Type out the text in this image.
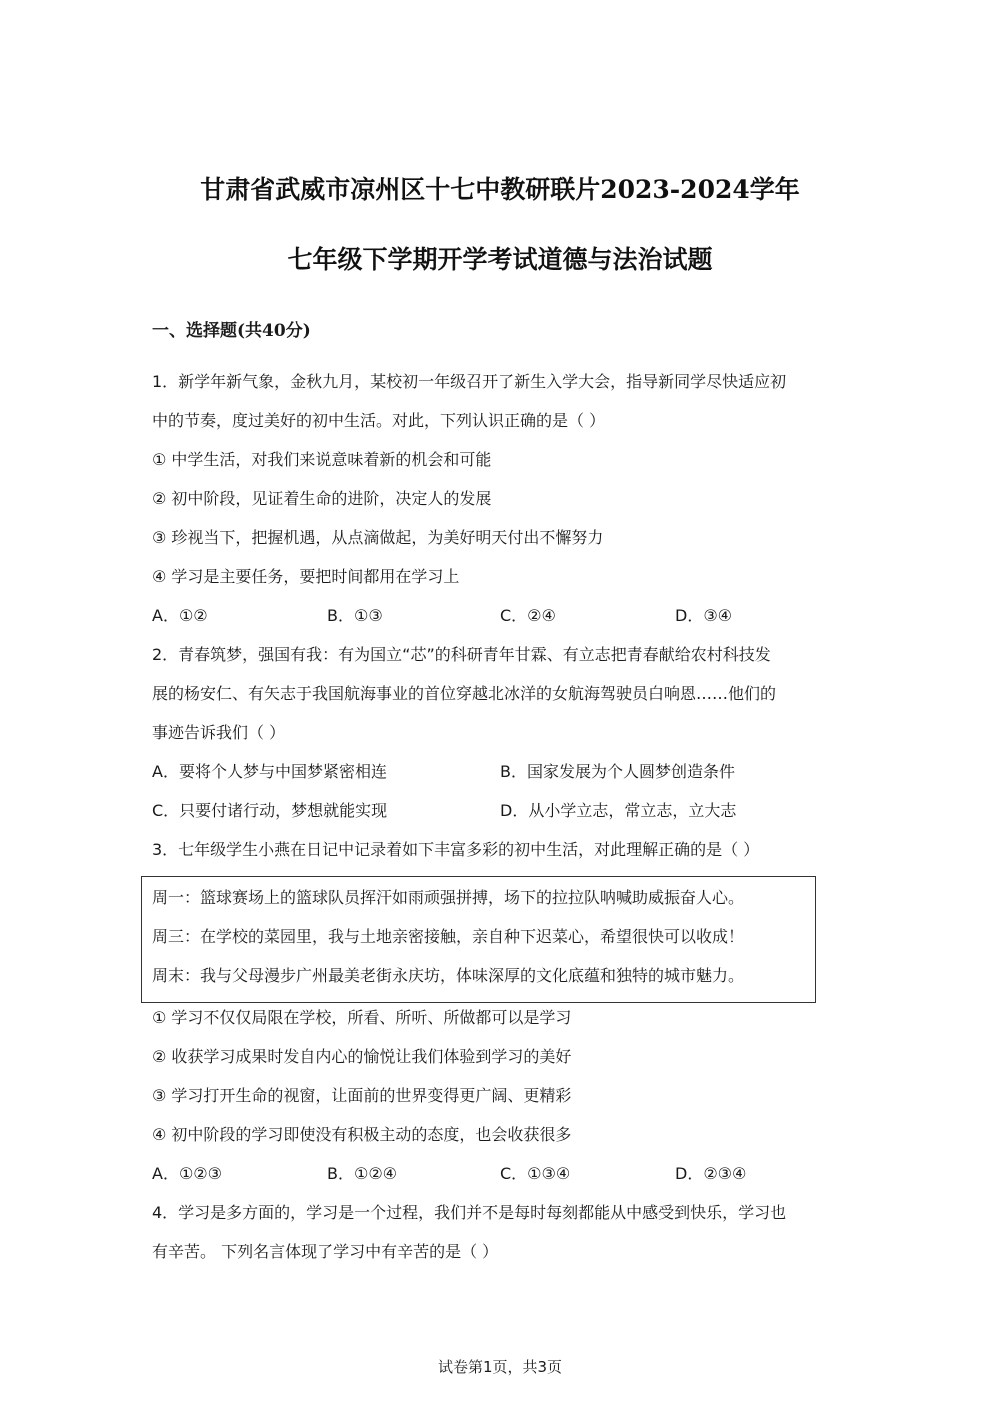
甘肃省武威市凉州区十七中教研联片2023-2024学年
七年级下学期开学考试道德与法治试题
一、选择题(共40分)
1．新学年新气象，金秋九月，某校初一年级召开了新生入学大会，指导新同学尽快适应初
中的节奏，度过美好的初中生活。对此，下列认识正确的是（ ）
① 中学生活，对我们来说意味着新的机会和可能
② 初中阶段，见证着生命的进阶，决定人的发展
③ 珍视当下，把握机遇，从点滴做起，为美好明天付出不懈努力
④ 学习是主要任务，要把时间都用在学习上
A．①②	B．①③	C．②④	D．③④
2．青春筑梦，强国有我：有为国立“芯”的科研青年甘霖、有立志把青春献给农村科技发
展的杨安仁、有矢志于我国航海事业的首位穿越北冰洋的女航海驾驶员白响恩……他们的
事迹告诉我们（ ）
A．要将个人梦与中国梦紧密相连	B．国家发展为个人圆梦创造条件
C．只要付诸行动，梦想就能实现	D．从小学立志，常立志，立大志
3．七年级学生小燕在日记中记录着如下丰富多彩的初中生活，对此理解正确的是（ ）
周一：篮球赛场上的篮球队员挥汗如雨顽强拼搏，场下的拉拉队呐喊助威振奋人心。
周三：在学校的菜园里，我与土地亲密接触，亲自种下迟菜心，希望很快可以收成！
周末：我与父母漫步广州最美老街永庆坊，体味深厚的文化底蕴和独特的城市魅力。
① 学习不仅仅局限在学校，所看、所听、所做都可以是学习
② 收获学习成果时发自内心的愉悦让我们体验到学习的美好
③ 学习打开生命的视窗，让面前的世界变得更广阔、更精彩
④ 初中阶段的学习即使没有积极主动的态度，也会收获很多
A．①②③	B．①②④	C．①③④	D．②③④
4．学习是多方面的，学习是一个过程，我们并不是每时每刻都能从中感受到快乐，学习也
有辛苦。 下列名言体现了学习中有辛苦的是（ ）
试卷第1页，共3页
